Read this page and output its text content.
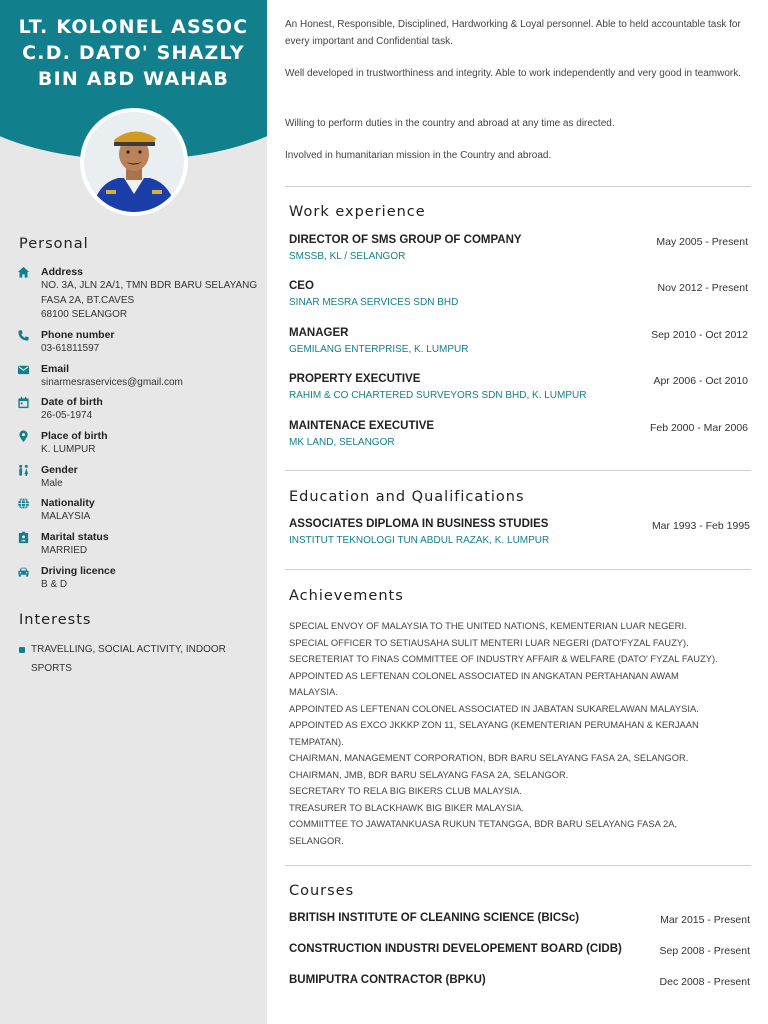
LT. KOLONEL ASSOC C.D. DATO' SHAZLY BIN ABD WAHAB
Personal
Address
NO. 3A, JLN 2A/1, TMN BDR BARU SELAYANG FASA 2A, BT.CAVES
68100 SELANGOR
Phone number
03-61811597
Email
sinarmesraservices@gmail.com
Date of birth
26-05-1974
Place of birth
K. LUMPUR
Gender
Male
Nationality
MALAYSIA
Marital status
MARRIED
Driving licence
B & D
Interests
TRAVELLING, SOCIAL ACTIVITY, INDOOR SPORTS

An Honest, Responsible, Disciplined, Hardworking & Loyal personnel. Able to held accountable task for every important and Confidential task.

Well developed in trustworthiness and integrity. Able to work independently and very good in teamwork.

Willing to perform duties in the country and abroad at any time as directed.

Involved in humanitarian mission in the Country and abroad.

Work experience
DIRECTOR OF SMS GROUP OF COMPANY
SMSSB, KL / SELANGOR
May 2005 - Present
CEO
SINAR MESRA SERVICES SDN BHD
Nov 2012 - Present
MANAGER
GEMILANG ENTERPRISE, K. LUMPUR
Sep 2010 - Oct 2012
PROPERTY EXECUTIVE
RAHIM & CO CHARTERED SURVEYORS SDN BHD, K. LUMPUR
Apr 2006 - Oct 2010
MAINTENACE EXECUTIVE
MK LAND, SELANGOR
Feb 2000 - Mar 2006
Education and Qualifications
ASSOCIATES DIPLOMA IN BUSINESS STUDIES
INSTITUT TEKNOLOGI TUN ABDUL RAZAK, K. LUMPUR
Mar 1993 - Feb 1995
Achievements
SPECIAL ENVOY OF MALAYSIA TO THE UNITED NATIONS, KEMENTERIAN LUAR NEGERI.
SPECIAL OFFICER TO SETIAUSAHA SULIT MENTERI LUAR NEGERI (DATO'FYZAL FAUZY).
SECRETERIAT TO FINAS COMMITTEE OF INDUSTRY AFFAIR & WELFARE (DATO' FYZAL FAUZY).
APPOINTED AS LEFTENAN COLONEL ASSOCIATED IN ANGKATAN PERTAHANAN AWAM
MALAYSIA.
APPOINTED AS LEFTENAN COLONEL ASSOCIATED IN JABATAN SUKARELAWAN MALAYSIA.
APPOINTED AS EXCO JKKKP ZON 11, SELAYANG (KEMENTERIAN PERUMAHAN & KERJAAN
TEMPATAN).
CHAIRMAN, MANAGEMENT CORPORATION, BDR BARU SELAYANG FASA 2A, SELANGOR.
CHAIRMAN, JMB, BDR BARU SELAYANG FASA 2A, SELANGOR.
SECRETARY TO RELA BIG BIKERS CLUB MALAYSIA.
TREASURER TO BLACKHAWK BIG BIKER MALAYSIA.
COMMIITTEE TO JAWATANKUASA RUKUN TETANGGA, BDR BARU SELAYANG FASA 2A,
SELANGOR.
Courses
BRITISH INSTITUTE OF CLEANING SCIENCE (BICSc)	Mar 2015 - Present
CONSTRUCTION INDUSTRI DEVELOPEMENT BOARD (CIDB)	Sep 2008 - Present
BUMIPUTRA CONTRACTOR (BPKU)	Dec 2008 - Present
